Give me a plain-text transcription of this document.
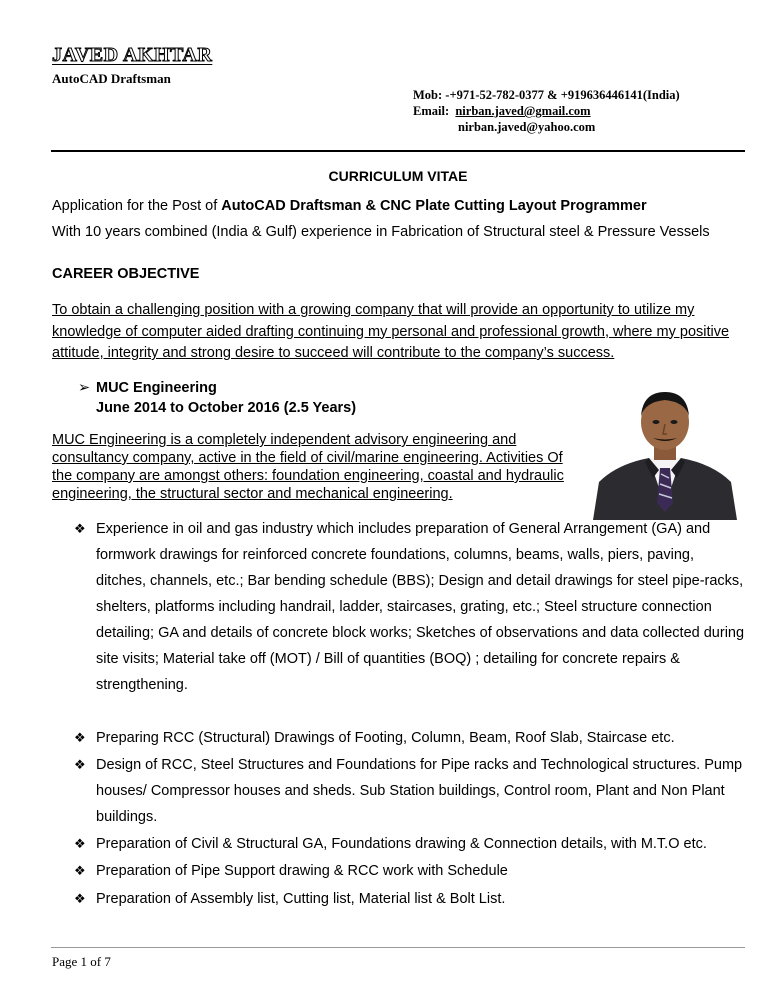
JAVED AKHTAR
AutoCAD Draftsman
Mob: -+971-52-782-0377 & +919636446141(India)
Email: nirban.javed@gmail.com
nirban.javed@yahoo.com
CURRICULUM VITAE
Application for the Post of AutoCAD Draftsman & CNC Plate Cutting Layout Programmer
With 10 years combined (India & Gulf) experience in Fabrication of Structural steel & Pressure Vessels
CAREER OBJECTIVE
To obtain a challenging position with a growing company that will provide an opportunity to utilize my knowledge of computer aided drafting continuing my personal and professional growth, where my positive attitude, integrity and strong desire to succeed will contribute to the company’s success.
➢ MUC Engineering
June 2014 to October 2016 (2.5 Years)
MUC Engineering is a completely independent advisory engineering and consultancy company, active in the field of civil/marine engineering. Activities Of the company are amongst others: foundation engineering, coastal and hydraulic engineering, the structural sector and mechanical engineering.
❖ Experience in oil and gas industry which includes preparation of General Arrangement (GA) and formwork drawings for reinforced concrete foundations, columns, beams, walls, piers, paving, ditches, channels, etc.; Bar bending schedule (BBS); Design and detail drawings for steel pipe-racks, shelters, platforms including handrail, ladder, staircases, grating, etc.; Steel structure connection detailing; GA and details of concrete block works; Sketches of observations and data collected during site visits; Material take off (MOT) / Bill of quantities (BOQ) ; detailing for concrete repairs & strengthening.
❖ Preparing RCC (Structural) Drawings of Footing, Column, Beam, Roof Slab, Staircase etc.
❖ Design of RCC, Steel Structures and Foundations for Pipe racks and Technological structures. Pump houses/ Compressor houses and sheds. Sub Station buildings, Control room, Plant and Non Plant buildings.
❖ Preparation of Civil & Structural GA, Foundations drawing & Connection details, with M.T.O etc.
❖ Preparation of Pipe Support drawing & RCC work with Schedule
❖ Preparation of Assembly list, Cutting list, Material list & Bolt List.
Page 1 of 7
